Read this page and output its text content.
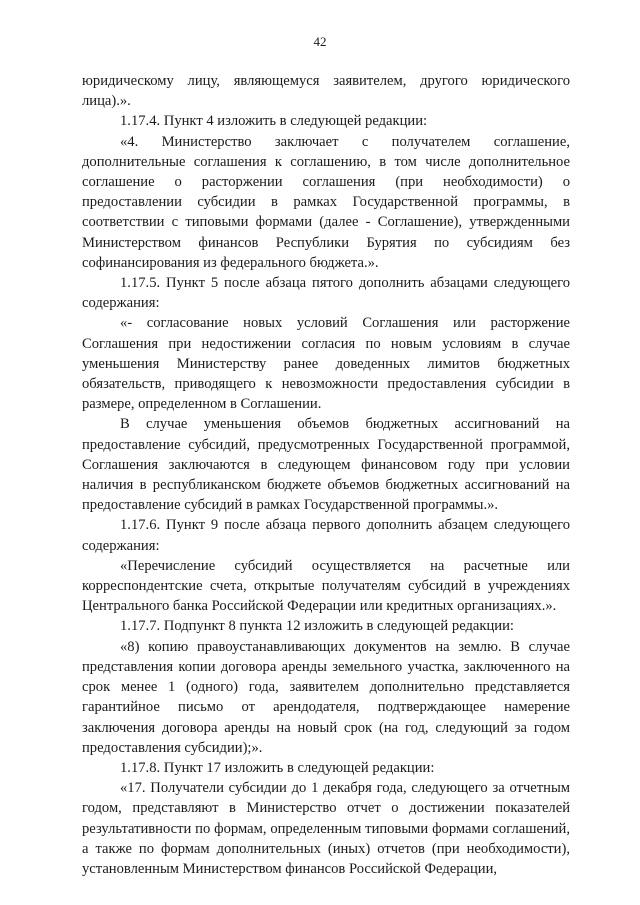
42

юридическому лицу, являющемуся заявителем, другого юридического лица).».

1.17.4. Пункт 4 изложить в следующей редакции:

«4. Министерство заключает с получателем соглашение, дополнительные соглашения к соглашению, в том числе дополнительное соглашение о расторжении соглашения (при необходимости) о предоставлении субсидии в рамках Государственной программы, в соответствии с типовыми формами (далее - Соглашение), утвержденными Министерством финансов Республики Бурятия по субсидиям без софинансирования из федерального бюджета.».

1.17.5. Пункт 5 после абзаца пятого дополнить абзацами следующего содержания:

«- согласование новых условий Соглашения или расторжение Соглашения при недостижении согласия по новым условиям в случае уменьшения Министерству ранее доведенных лимитов бюджетных обязательств, приводящего к невозможности предоставления субсидии в размере, определенном в Соглашении.

В случае уменьшения объемов бюджетных ассигнований на предоставление субсидий, предусмотренных Государственной программой, Соглашения заключаются в следующем финансовом году при условии наличия в республиканском бюджете объемов бюджетных ассигнований на предоставление субсидий в рамках Государственной программы.».

1.17.6. Пункт 9 после абзаца первого дополнить абзацем следующего содержания:

«Перечисление субсидий осуществляется на расчетные или корреспондентские счета, открытые получателям субсидий в учреждениях Центрального банка Российской Федерации или кредитных организациях.».

1.17.7. Подпункт 8 пункта 12 изложить в следующей редакции:

«8) копию правоустанавливающих документов на землю. В случае представления копии договора аренды земельного участка, заключенного на срок менее 1 (одного) года, заявителем дополнительно представляется гарантийное письмо от арендодателя, подтверждающее намерение заключения договора аренды на новый срок (на год, следующий за годом предоставления субсидии);».

1.17.8. Пункт 17 изложить в следующей редакции:

«17. Получатели субсидии до 1 декабря года, следующего за отчетным годом, представляют в Министерство отчет о достижении показателей результативности по формам, определенным типовыми формами соглашений, а также по формам дополнительных (иных) отчетов (при необходимости), установленным Министерством финансов Российской Федерации,
